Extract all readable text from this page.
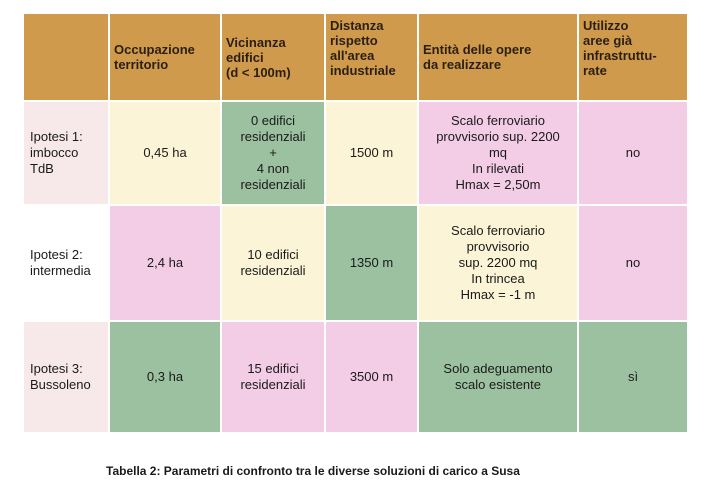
Occupazione
territorio
Vicinanza
edifici
(d < 100m)
Distanza
rispetto
all'area
industriale
Entità delle opere
da realizzare
Utilizzo
aree già
infrastruttu-
rate
Ipotesi 1:
imbocco
TdB
0,45 ha
0 edifici
residenziali
+
4 non
residenziali
1500 m
Scalo ferroviario
provvisorio sup. 2200
mq
In rilevati
Hmax = 2,50m
no
Ipotesi 2:
intermedia
2,4 ha
10 edifici
residenziali
1350 m
Scalo ferroviario
provvisorio
sup. 2200 mq
In trincea
Hmax = -1 m
no
Ipotesi 3:
Bussoleno
0,3 ha
15 edifici
residenziali
3500 m
Solo adeguamento
scalo esistente
sì
Tabella 2: Parametri di confronto tra le diverse soluzioni di carico a Susa
